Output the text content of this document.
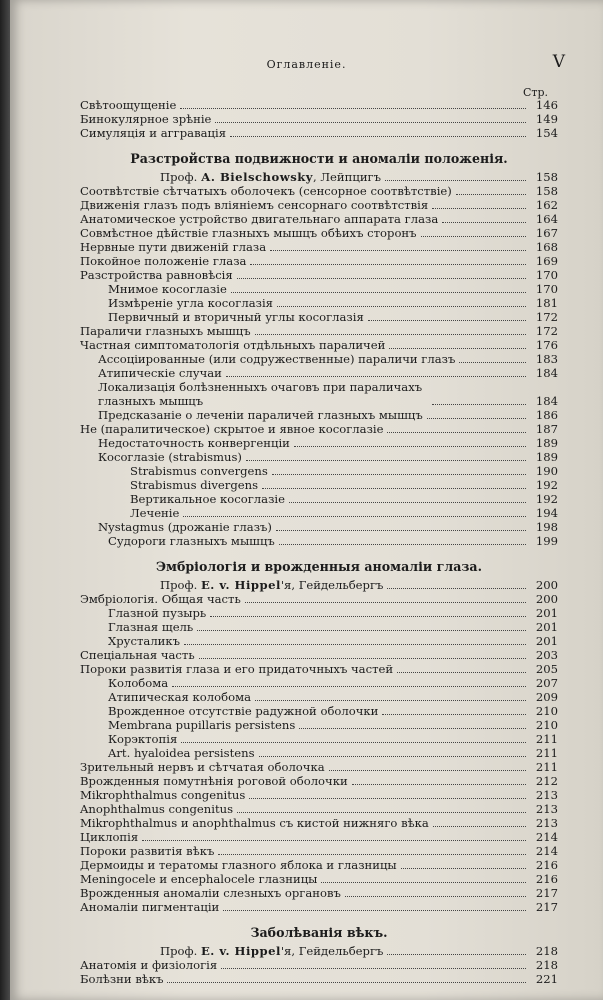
Оглавленіе.	V
Стр.
Свѣтоощущеніе	146
Бинокулярное зрѣніе	149
Симуляція и аггравація	154
Разстройства подвижности и аномаліи положенія.
Проф. А. Bielschowsky, Лейпцигъ	158
Соотвѣтствіе сѣтчатыхъ оболочекъ (сенсорное соотвѣтствіе)	158
Движенія глазъ подъ вліяніемъ сенсорнаго соотвѣтствія	162
Анатомическое устройство двигательнаго аппарата глаза	164
Совмѣстное дѣйствіе глазныхъ мышцъ обѣихъ сторонъ	167
Нервные пути движеній глаза	168
Покойное положеніе глаза	169
Разстройства равновѣсія	170
Мнимое косоглазіе	170
Измѣреніе угла косоглазія	181
Первичный и вторичный углы косоглазія	172
Параличи глазныхъ мышцъ	172
Частная симптоматологія отдѣльныхъ параличей	176
Ассоціированные (или содружественные) параличи глазъ	183
Атипическіе случаи	184
Локализація болѣзненныхъ очаговъ при параличахъ глазныхъ мышцъ	184
Предсказаніе о леченіи параличей глазныхъ мышцъ	186
Не (паралитическое) скрытое и явное косоглазіе	187
Недостаточность конвергенціи	189
Косоглазіе (strabismus)	189
Strabismus convergens	190
Strabismus divergens	192
Вертикальное косоглазіе	192
Леченіе	194
Nystagmus (дрожаніе глазъ)	198
Судороги глазныхъ мышцъ	199
Эмбріологія и врожденныя аномаліи глаза.
Проф. E. v. Hippel'я, Гейдельбергъ	200
Эмбріологія. Общая часть	200
Глазной пузырь	201
Глазная щель	201
Хрусталикъ	201
Спеціальная часть	203
Пороки развитія глаза и его придаточныхъ частей	205
Колобома	207
Атипическая колобома	209
Врожденное отсутствіе радужной оболочки	210
Membrana pupillaris persistens	210
Корэктопія	211
Art. hyaloidea persistens	211
Зрительный нервъ и сѣтчатая оболочка	211
Врожденныя помутнѣнія роговой оболочки	212
Mikrophthalmus congenitus	213
Anophthalmus congenitus	213
Mikrophthalmus и anophthalmus съ кистой нижняго вѣка	213
Циклопія	214
Пороки развитія вѣкъ	214
Дермоиды и тератомы глазного яблока и глазницы	216
Meningocele и encephalocele глазницы	216
Врожденныя аномаліи слезныхъ органовъ	217
Аномаліи пигментаціи	217
Заболѣванія вѣкъ.
Проф. E. v. Hippel'я, Гейдельбергъ	218
Анатомія и физіологія	218
Болѣзни вѣкъ	221
